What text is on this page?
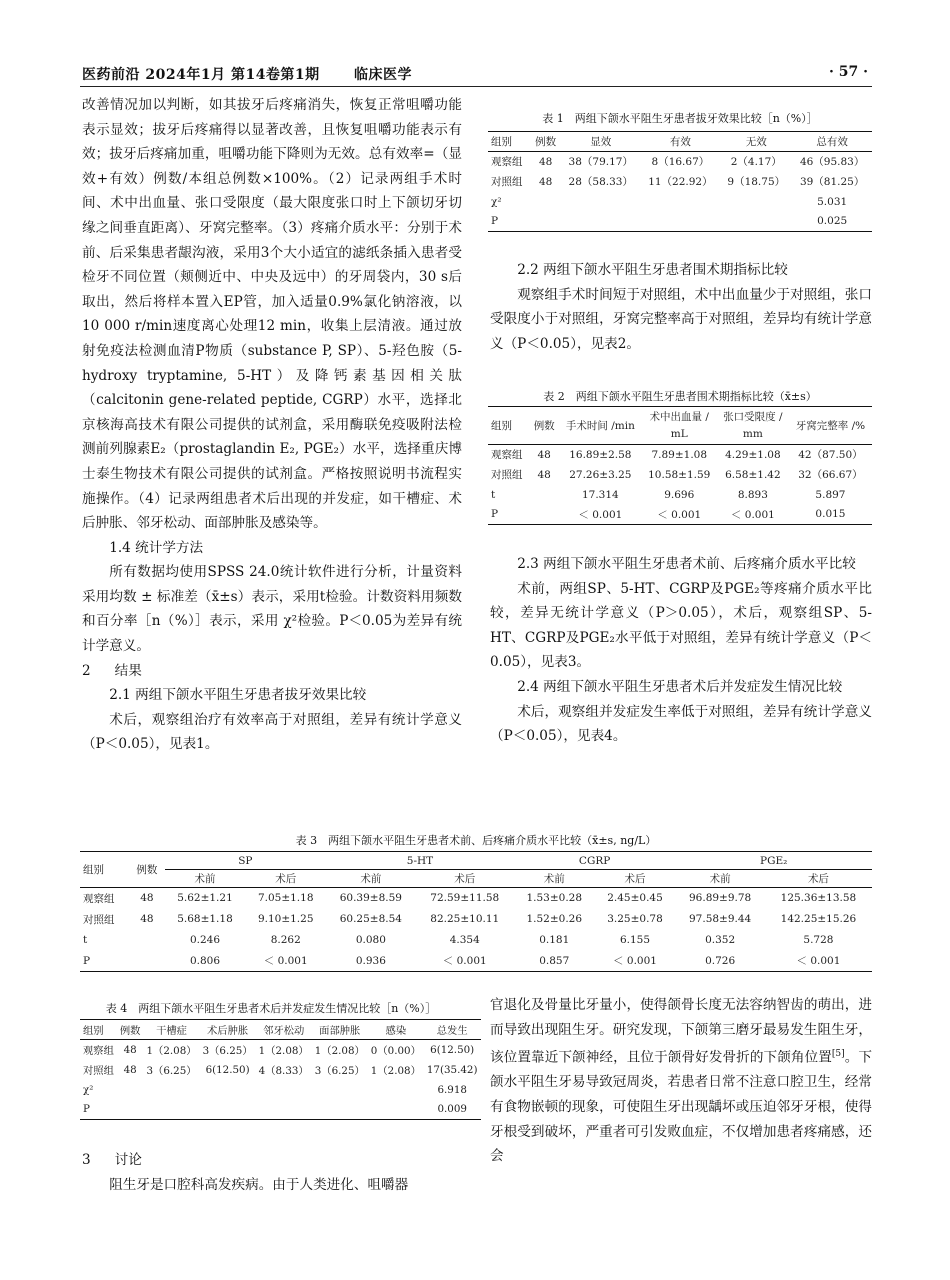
医药前沿 2024年1月 第14卷第1期　　 临床医学	· 57 ·

改善情况加以判断，如其拔牙后疼痛消失，恢复正常咀嚼功能表示显效；拔牙后疼痛得以显著改善，且恢复咀嚼功能表示有效；拔牙后疼痛加重，咀嚼功能下降则为无效。总有效率=（显效+有效）例数/本组总例数×100%。（2）记录两组手术时间、术中出血量、张口受限度（最大限度张口时上下颌切牙切缘之间垂直距离）、牙窝完整率。（3）疼痛介质水平：分别于术前、后采集患者龈沟液，采用3个大小适宜的滤纸条插入患者受检牙不同位置（颊侧近中、中央及远中）的牙周袋内，30 s后取出，然后将样本置入EP管，加入适量0.9%氯化钠溶液，以10 000 r/min速度离心处理12 min，收集上层清液。通过放射免疫法检测血清P物质（substance P, SP）、5-羟色胺（5-hydroxy tryptamine, 5-HT）及降钙素基因相关肽（calcitonin gene-related peptide, CGRP）水平，选择北京核海高技术有限公司提供的试剂盒，采用酶联免疫吸附法检测前列腺素E₂（prostaglandin E₂, PGE₂）水平，选择重庆博士泰生物技术有限公司提供的试剂盒。严格按照说明书流程实施操作。（4）记录两组患者术后出现的并发症，如干槽症、术后肿胀、邻牙松动、面部肿胀及感染等。

1.4 统计学方法

所有数据均使用SPSS 24.0统计软件进行分析，计量资料采用均数 ± 标准差（x̄±s）表示，采用t检验。计数资料用频数和百分率［n（%）］表示，采用 χ²检验。P＜0.05为差异有统计学意义。

2 结果

2.1 两组下颌水平阻生牙患者拔牙效果比较

术后，观察组治疗有效率高于对照组，差异有统计学意义（P＜0.05），见表1。

表 1　两组下颌水平阻生牙患者拔牙效果比较［n（%）］
组别	例数	显效	有效	无效	总有效
观察组	48	38（79.17）	8（16.67）	2（4.17）	46（95.83）
对照组	48	28（58.33）	11（22.92）	9（18.75）	39（81.25）
χ²					5.031
P					0.025

2.2 两组下颌水平阻生牙患者围术期指标比较

观察组手术时间短于对照组，术中出血量少于对照组，张口受限度小于对照组，牙窝完整率高于对照组，差异均有统计学意义（P＜0.05），见表2。

表 2　两组下颌水平阻生牙患者围术期指标比较（x̄±s）
组别	例数	手术时间 /min	术中出血量 /
mL	张口受限度 /
mm	牙窝完整率 /%
观察组	48	16.89±2.58	7.89±1.08	4.29±1.08	42（87.50）
对照组	48	27.26±3.25	10.58±1.59	6.58±1.42	32（66.67）
t		17.314	9.696	8.893	5.897
P		＜ 0.001	＜ 0.001	＜ 0.001	0.015

2.3 两组下颌水平阻生牙患者术前、后疼痛介质水平比较

术前，两组SP、5-HT、CGRP及PGE₂等疼痛介质水平比较，差异无统计学意义（P＞0.05），术后，观察组SP、5-HT、CGRP及PGE₂水平低于对照组，差异有统计学意义（P＜0.05），见表3。

2.4 两组下颌水平阻生牙患者术后并发症发生情况比较

术后，观察组并发症发生率低于对照组，差异有统计学意义（P＜0.05），见表4。

表 3　两组下颌水平阻生牙患者术前、后疼痛介质水平比较（x̄±s, ng/L）
组别	例数	SP		5-HT		CGRP		PGE₂	
		术前	术后	术前	术后	术前	术后	术前	术后
观察组	48	5.62±1.21	7.05±1.18	60.39±8.59	72.59±11.58	1.53±0.28	2.45±0.45	96.89±9.78	125.36±13.58
对照组	48	5.68±1.18	9.10±1.25	60.25±8.54	82.25±10.11	1.52±0.26	3.25±0.78	97.58±9.44	142.25±15.26
t		0.246	8.262	0.080	4.354	0.181	6.155	0.352	5.728
P		0.806	＜ 0.001	0.936	＜ 0.001	0.857	＜ 0.001	0.726	＜ 0.001
表 4　两组下颌水平阻生牙患者术后并发症发生情况比较［n（%）］
组别	例数	干槽症	术后肿胀	邻牙松动	面部肿胀	感染	总发生
观察组	48	1（2.08）	3（6.25）	1（2.08）	1（2.08）	0（0.00）	6(12.50)
对照组	48	3（6.25）	6(12.50)	4（8.33）	3（6.25）	1（2.08）	17(35.42)
χ²							6.918
P							0.009

3 讨论

阻生牙是口腔科高发疾病。由于人类进化、咀嚼器

官退化及骨量比牙量小，使得颌骨长度无法容纳智齿的萌出，进而导致出现阻生牙。研究发现，下颌第三磨牙最易发生阻生牙，该位置靠近下颌神经，且位于颌骨好发骨折的下颌角位置[5]。下颌水平阻生牙易导致冠周炎，若患者日常不注意口腔卫生，经常有食物嵌顿的现象，可使阻生牙出现龋坏或压迫邻牙牙根，使得牙根受到破坏，严重者可引发败血症，不仅增加患者疼痛感，还会
